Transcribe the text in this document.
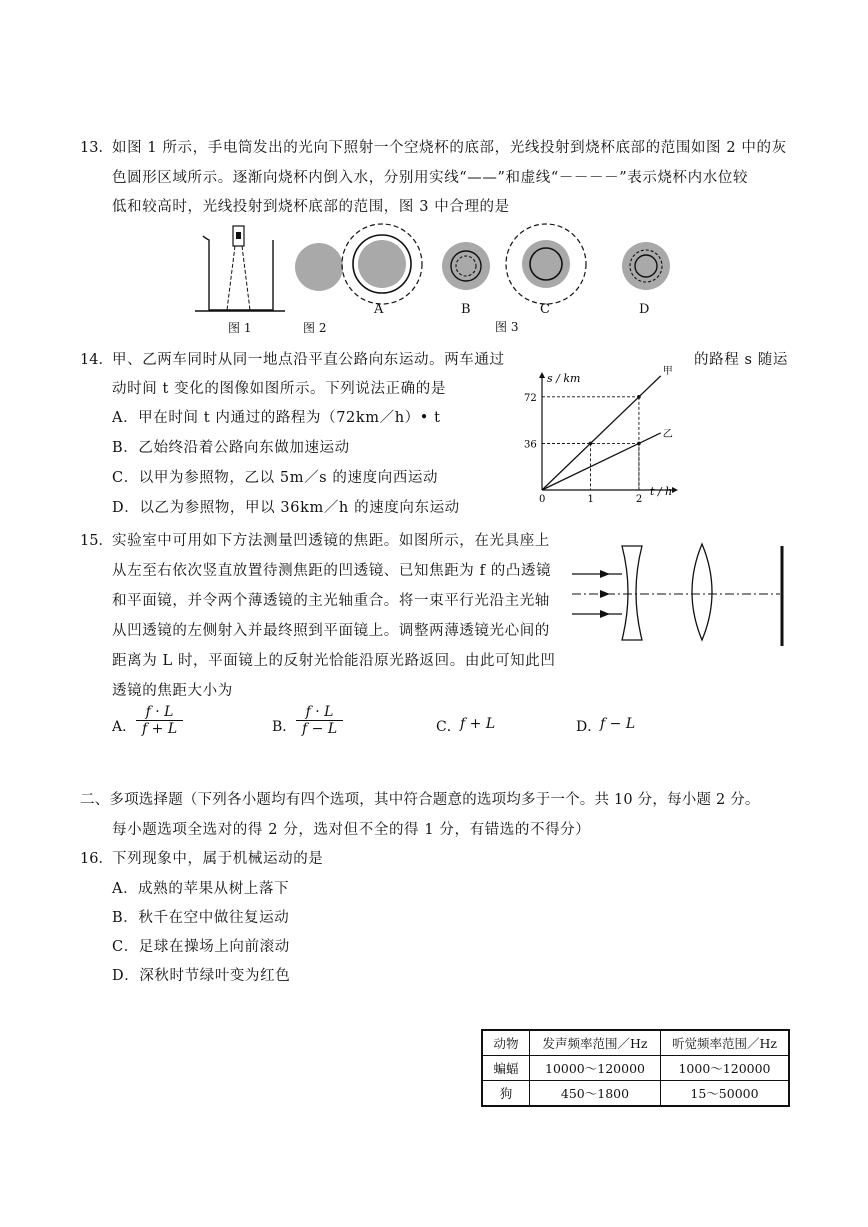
13． 如图 1 所示，手电筒发出的光向下照射一个空烧杯的底部，光线投射到烧杯底部的范围如图 2 中的灰
色圆形区域所示。逐渐向烧杯内倒入水，分别用实线“——”和虚线“－－－－”表示烧杯内水位较
低和较高时，光线投射到烧杯底部的范围，图 3 中合理的是
图 1	图 2
A	B	C	D
图 3
14． 甲、乙两车同时从同一地点沿平直公路向东运动。两车通过	的路程 s 随运
动时间 t 变化的图像如图所示。下列说法正确的是
A．甲在时间 t 内通过的路程为（72km／h）• t
B．乙始终沿着公路向东做加速运动
C．以甲为参照物，乙以 5m／s 的速度向西运动
D．以乙为参照物，甲以 36km／h 的速度向东运动
s / km
t / h
0	1	2
36
72
甲
乙
15． 实验室中可用如下方法测量凹透镜的焦距。如图所示，在光具座上
从左至右依次竖直放置待测焦距的凹透镜、已知焦距为 f 的凸透镜
和平面镜，并令两个薄透镜的主光轴重合。将一束平行光沿主光轴
从凹透镜的左侧射入并最终照到平面镜上。调整两薄透镜光心间的
距离为 L 时，平面镜上的反射光恰能沿原光路返回。由此可知此凹
透镜的焦距大小为
A． $\frac{f \cdot L}{f + L}$	B． $\frac{f \cdot L}{f - L}$	C． f + L	D．
f − L
二、多项选择题（下列各小题均有四个选项，其中符合题意的选项均多于一个。共 10 分，每小题 2 分。
每小题选项全选对的得 2 分，选对但不全的得 1 分，有错选的不得分）
16． 下列现象中，属于机械运动的是
A．成熟的苹果从树上落下
B．秋千在空中做往复运动
C．足球在操场上向前滚动
D．深秋时节绿叶变为红色
动物	发声频率范围／Hz	听觉频率范围／Hz
蝙蝠	10000～120000	1000～120000
狗	450～1800	15～50000
